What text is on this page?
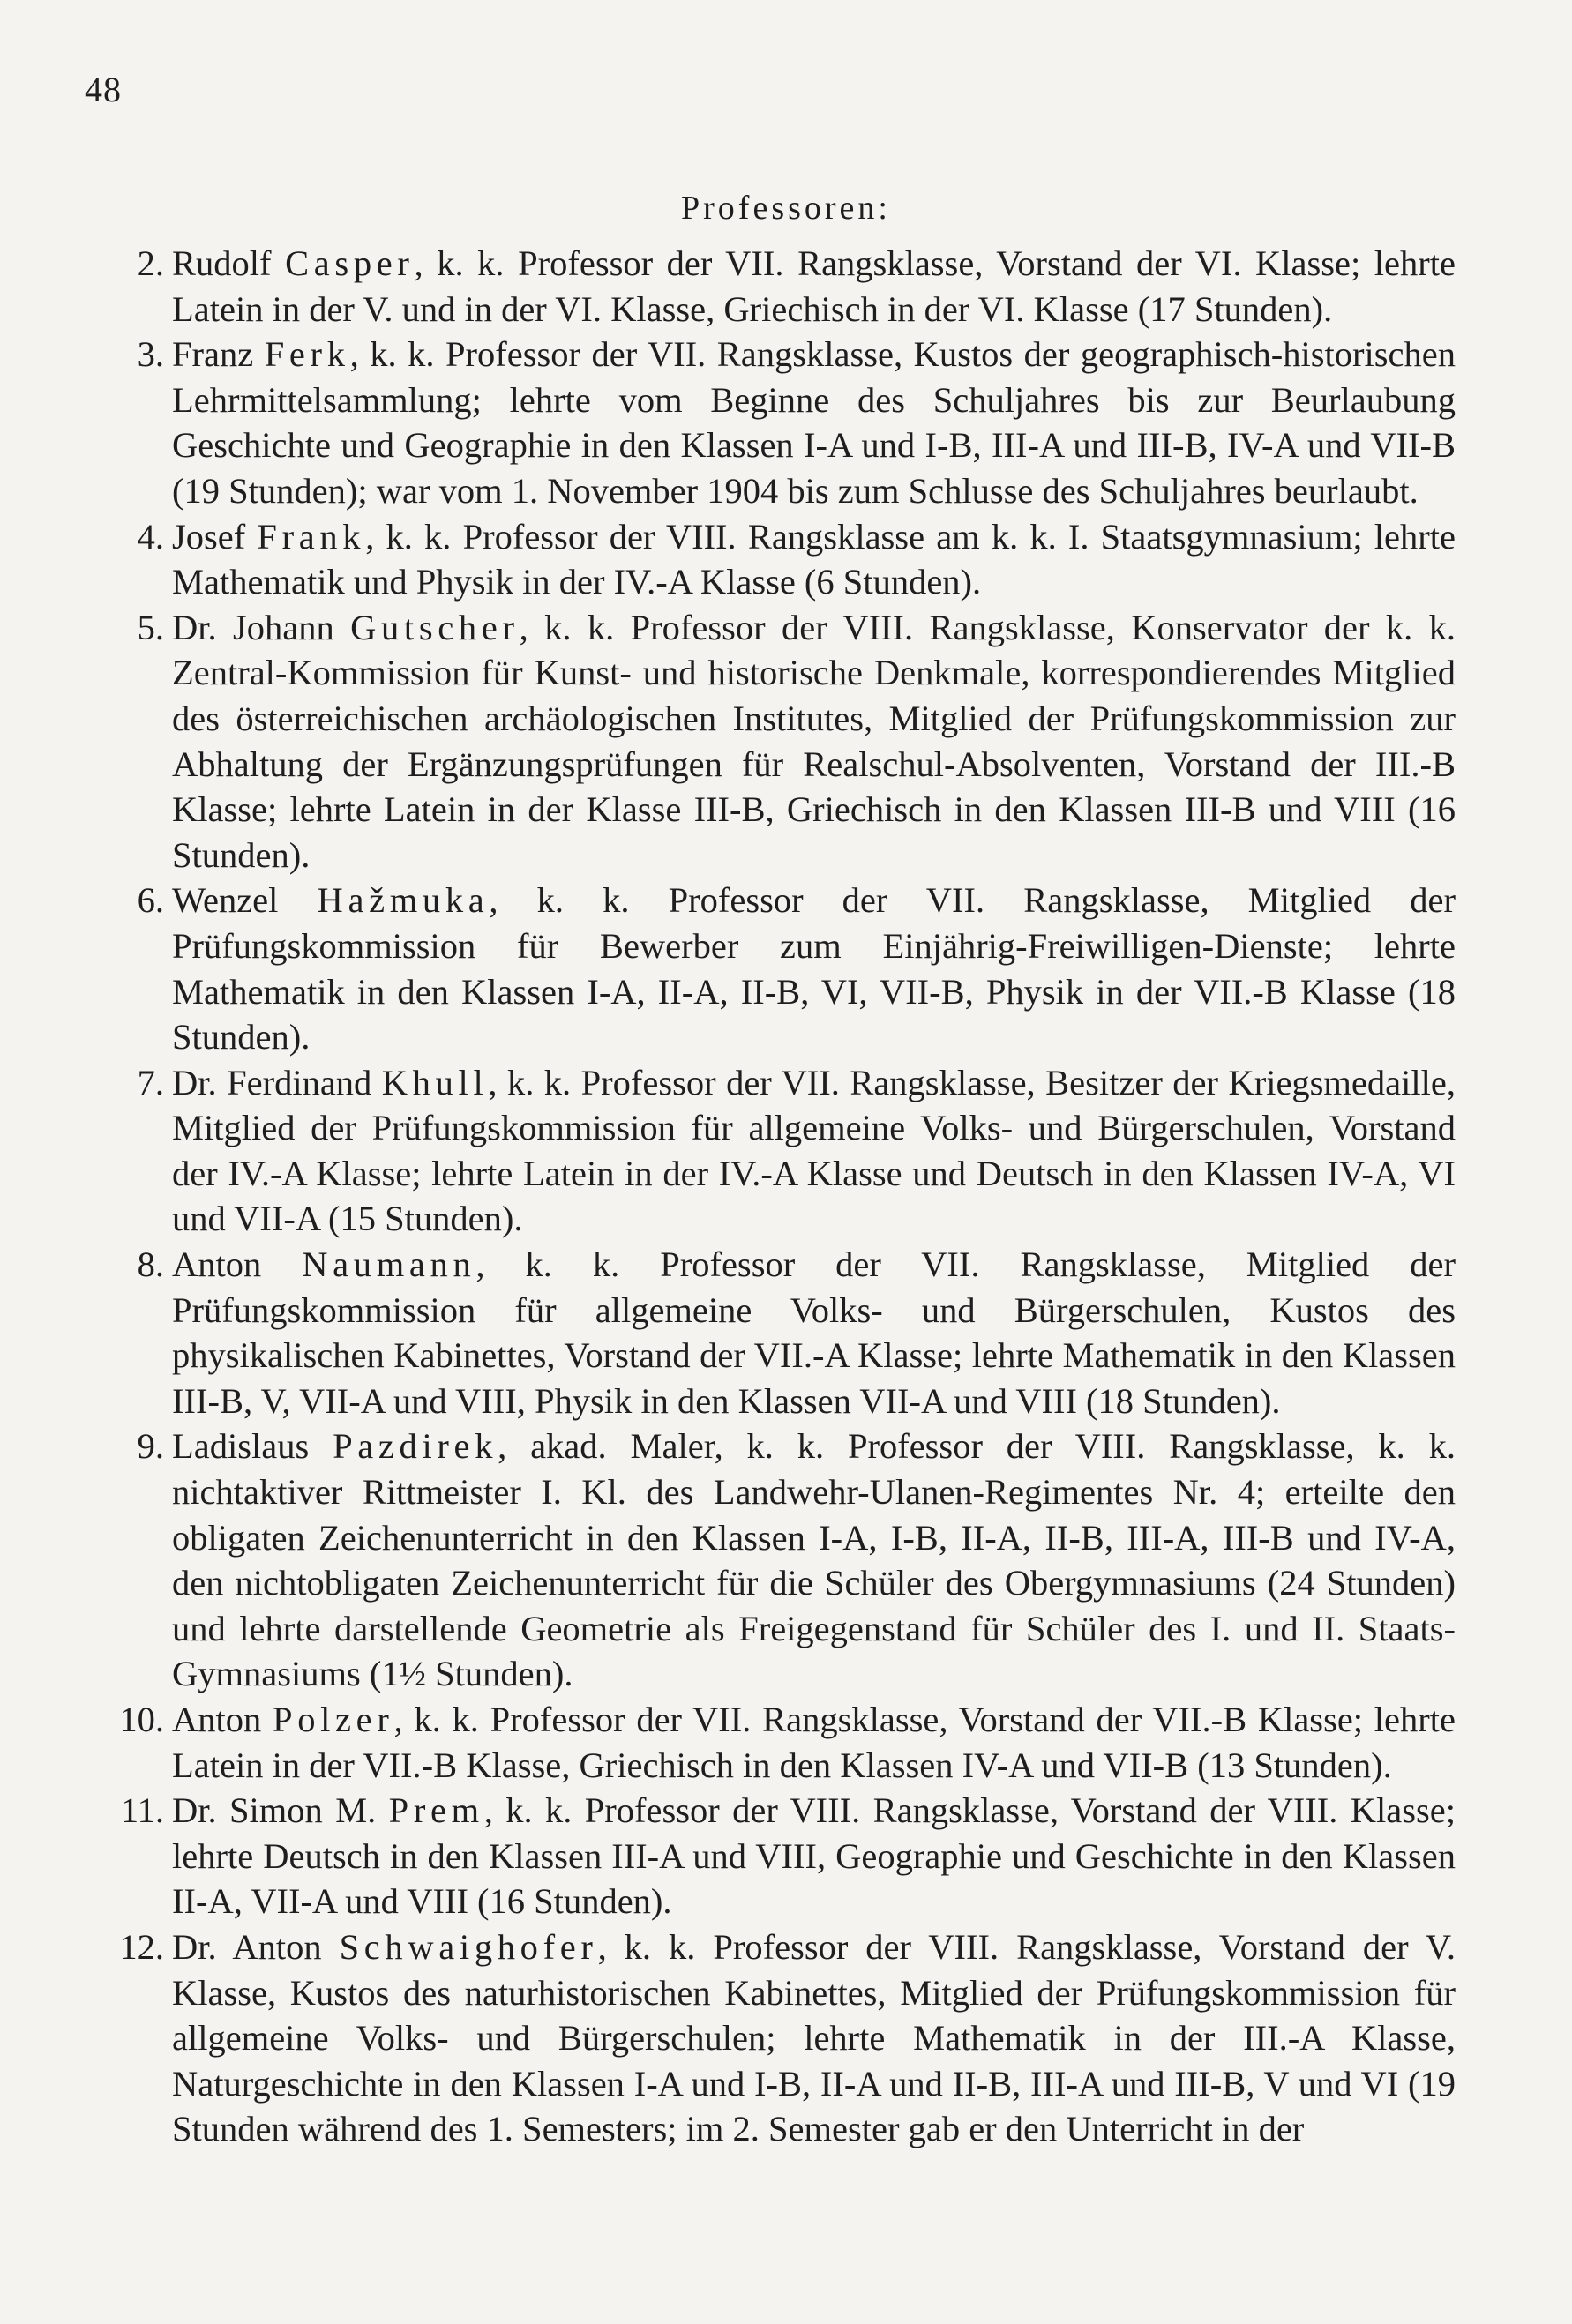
48
Professoren:
2. Rudolf Casper, k. k. Professor der VII. Rangsklasse, Vorstand der VI. Klasse; lehrte Latein in der V. und in der VI. Klasse, Griechisch in der VI. Klasse (17 Stunden).
3. Franz Ferk, k. k. Professor der VII. Rangsklasse, Kustos der geographisch-historischen Lehrmittelsammlung; lehrte vom Beginne des Schuljahres bis zur Beurlaubung Geschichte und Geographie in den Klassen I-A und I-B, III-A und III-B, IV-A und VII-B (19 Stunden); war vom 1. November 1904 bis zum Schlusse des Schuljahres beurlaubt.
4. Josef Frank, k. k. Professor der VIII. Rangsklasse am k. k. I. Staatsgymnasium; lehrte Mathematik und Physik in der IV.-A Klasse (6 Stunden).
5. Dr. Johann Gutscher, k. k. Professor der VIII. Rangsklasse, Konservator der k. k. Zentral-Kommission für Kunst- und historische Denkmale, korrespondierendes Mitglied des österreichischen archäologischen Institutes, Mitglied der Prüfungskommission zur Abhaltung der Ergänzungsprüfungen für Realschul-Absolventen, Vorstand der III.-B Klasse; lehrte Latein in der Klasse III-B, Griechisch in den Klassen III-B und VIII (16 Stunden).
6. Wenzel Hažmuka, k. k. Professor der VII. Rangsklasse, Mitglied der Prüfungskommission für Bewerber zum Einjährig-Freiwilligen-Dienste; lehrte Mathematik in den Klassen I-A, II-A, II-B, VI, VII-B, Physik in der VII.-B Klasse (18 Stunden).
7. Dr. Ferdinand Khull, k. k. Professor der VII. Rangsklasse, Besitzer der Kriegsmedaille, Mitglied der Prüfungskommission für allgemeine Volks- und Bürgerschulen, Vorstand der IV.-A Klasse; lehrte Latein in der IV.-A Klasse und Deutsch in den Klassen IV-A, VI und VII-A (15 Stunden).
8. Anton Naumann, k. k. Professor der VII. Rangsklasse, Mitglied der Prüfungskommission für allgemeine Volks- und Bürgerschulen, Kustos des physikalischen Kabinettes, Vorstand der VII.-A Klasse; lehrte Mathematik in den Klassen III-B, V, VII-A und VIII, Physik in den Klassen VII-A und VIII (18 Stunden).
9. Ladislaus Pazdirek, akad. Maler, k. k. Professor der VIII. Rangsklasse, k. k. nichtaktiver Rittmeister I. Kl. des Landwehr-Ulanen-Regimentes Nr. 4; erteilte den obligaten Zeichenunterricht in den Klassen I-A, I-B, II-A, II-B, III-A, III-B und IV-A, den nichtobligaten Zeichenunterricht für die Schüler des Obergymnasiums (24 Stunden) und lehrte darstellende Geometrie als Freigegenstand für Schüler des I. und II. Staats-Gymnasiums (1½ Stunden).
10. Anton Polzer, k. k. Professor der VII. Rangsklasse, Vorstand der VII.-B Klasse; lehrte Latein in der VII.-B Klasse, Griechisch in den Klassen IV-A und VII-B (13 Stunden).
11. Dr. Simon M. Prem, k. k. Professor der VIII. Rangsklasse, Vorstand der VIII. Klasse; lehrte Deutsch in den Klassen III-A und VIII, Geographie und Geschichte in den Klassen II-A, VII-A und VIII (16 Stunden).
12. Dr. Anton Schwaighofer, k. k. Professor der VIII. Rangsklasse, Vorstand der V. Klasse, Kustos des naturhistorischen Kabinettes, Mitglied der Prüfungskommission für allgemeine Volks- und Bürgerschulen; lehrte Mathematik in der III.-A Klasse, Naturgeschichte in den Klassen I-A und I-B, II-A und II-B, III-A und III-B, V und VI (19 Stunden während des 1. Semesters; im 2. Semester gab er den Unterricht in der
